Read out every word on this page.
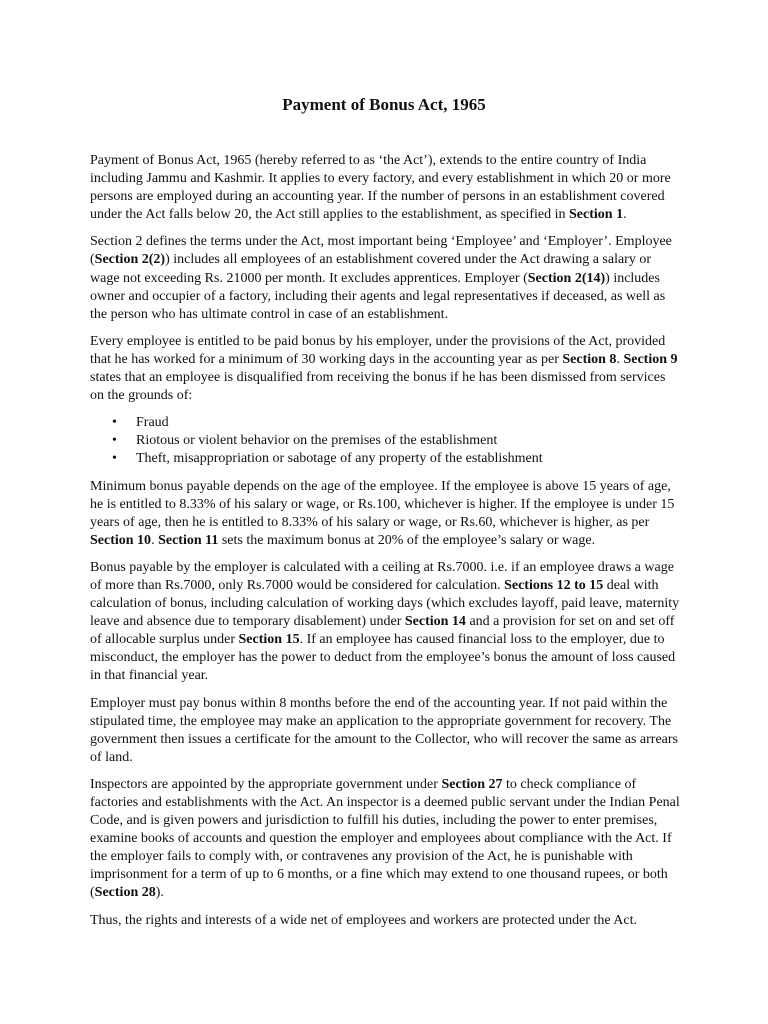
Payment of Bonus Act, 1965

Payment of Bonus Act, 1965 (hereby referred to as ‘the Act’), extends to the entire country of India including Jammu and Kashmir. It applies to every factory, and every establishment in which 20 or more persons are employed during an accounting year. If the number of persons in an establishment covered under the Act falls below 20, the Act still applies to the establishment, as specified in Section 1.

Section 2 defines the terms under the Act, most important being ‘Employee’ and ‘Employer’. Employee (Section 2(2)) includes all employees of an establishment covered under the Act drawing a salary or wage not exceeding Rs. 21000 per month. It excludes apprentices. Employer (Section 2(14)) includes owner and occupier of a factory, including their agents and legal representatives if deceased, as well as the person who has ultimate control in case of an establishment.

Every employee is entitled to be paid bonus by his employer, under the provisions of the Act, provided that he has worked for a minimum of 30 working days in the accounting year as per Section 8. Section 9 states that an employee is disqualified from receiving the bonus if he has been dismissed from services on the grounds of:

• Fraud
• Riotous or violent behavior on the premises of the establishment
• Theft, misappropriation or sabotage of any property of the establishment

Minimum bonus payable depends on the age of the employee. If the employee is above 15 years of age, he is entitled to 8.33% of his salary or wage, or Rs.100, whichever is higher. If the employee is under 15 years of age, then he is entitled to 8.33% of his salary or wage, or Rs.60, whichever is higher, as per Section 10. Section 11 sets the maximum bonus at 20% of the employee’s salary or wage.

Bonus payable by the employer is calculated with a ceiling at Rs.7000. i.e. if an employee draws a wage of more than Rs.7000, only Rs.7000 would be considered for calculation. Sections 12 to 15 deal with calculation of bonus, including calculation of working days (which excludes layoff, paid leave, maternity leave and absence due to temporary disablement) under Section 14 and a provision for set on and set off of allocable surplus under Section 15. If an employee has caused financial loss to the employer, due to misconduct, the employer has the power to deduct from the employee’s bonus the amount of loss caused in that financial year.

Employer must pay bonus within 8 months before the end of the accounting year. If not paid within the stipulated time, the employee may make an application to the appropriate government for recovery. The government then issues a certificate for the amount to the Collector, who will recover the same as arrears of land.

Inspectors are appointed by the appropriate government under Section 27 to check compliance of factories and establishments with the Act. An inspector is a deemed public servant under the Indian Penal Code, and is given powers and jurisdiction to fulfill his duties, including the power to enter premises, examine books of accounts and question the employer and employees about compliance with the Act. If the employer fails to comply with, or contravenes any provision of the Act, he is punishable with imprisonment for a term of up to 6 months, or a fine which may extend to one thousand rupees, or both (Section 28).

Thus, the rights and interests of a wide net of employees and workers are protected under the Act.
